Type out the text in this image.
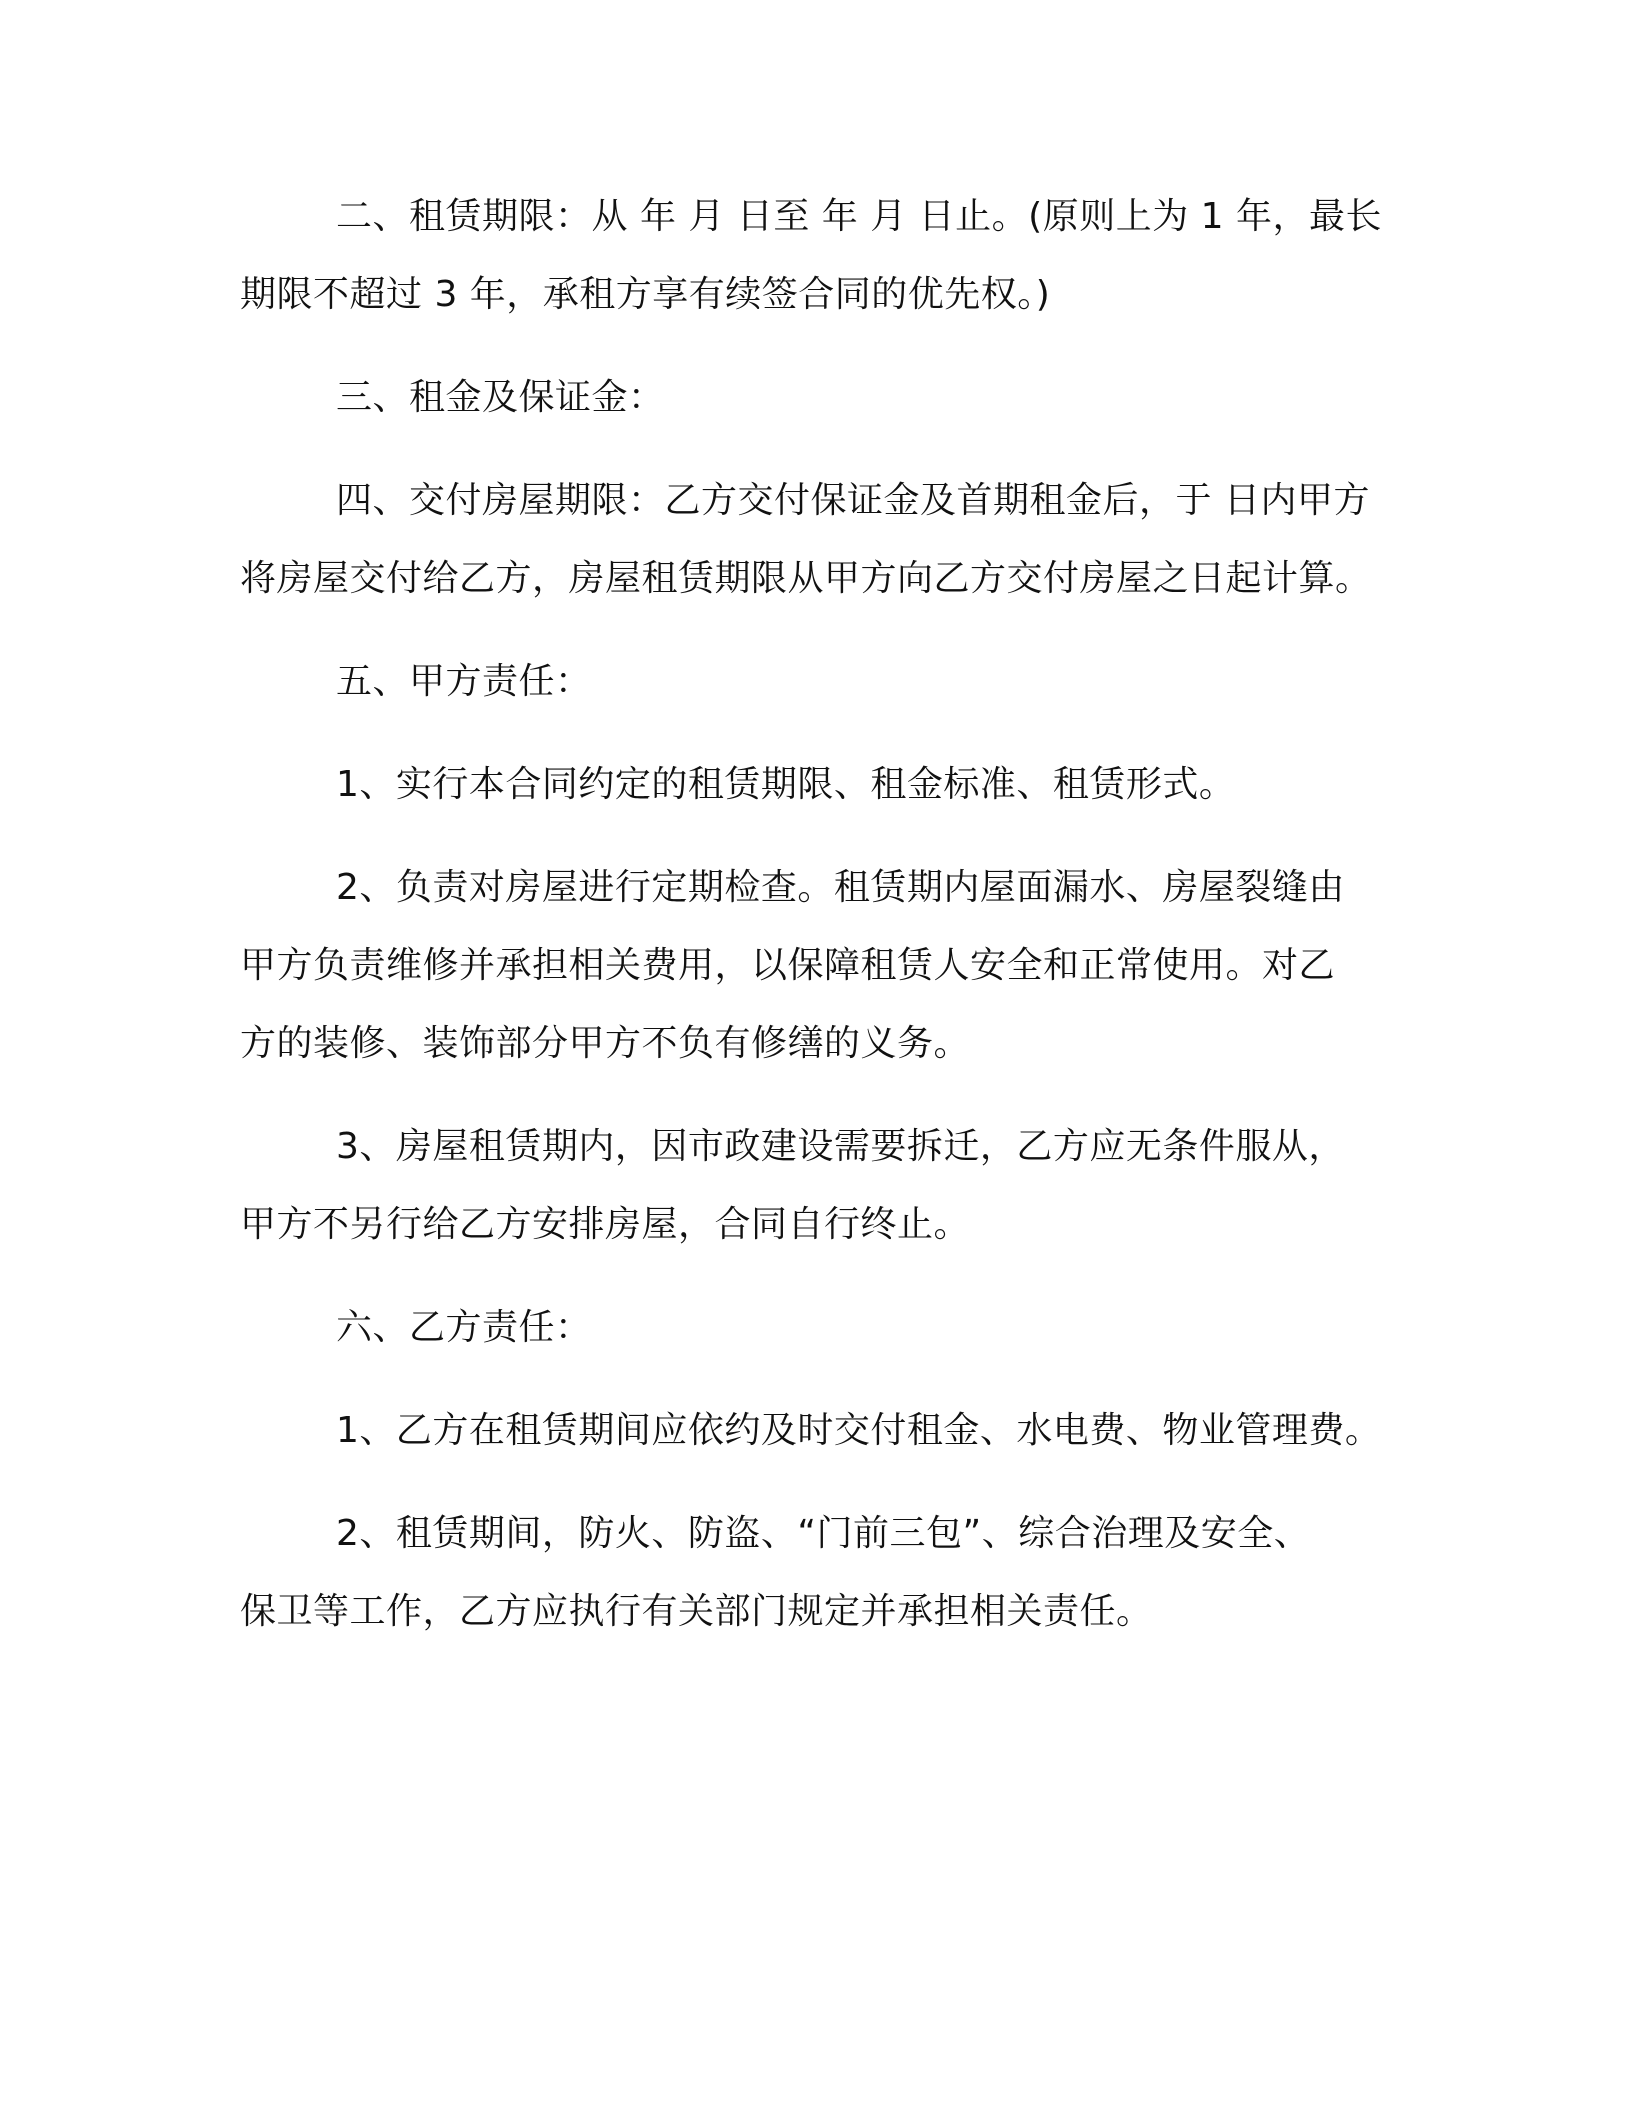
二、租赁期限：从 年 月 日至 年 月 日止。(原则上为 1 年，最长
期限不超过 3 年，承租方享有续签合同的优先权。)
三、租金及保证金：
四、交付房屋期限：乙方交付保证金及首期租金后，于 日内甲方
将房屋交付给乙方，房屋租赁期限从甲方向乙方交付房屋之日起计算。
五、甲方责任：
1、实行本合同约定的租赁期限、租金标准、租赁形式。
2、负责对房屋进行定期检查。租赁期内屋面漏水、房屋裂缝由
甲方负责维修并承担相关费用，以保障租赁人安全和正常使用。对乙
方的装修、装饰部分甲方不负有修缮的义务。
3、房屋租赁期内，因市政建设需要拆迁，乙方应无条件服从，
甲方不另行给乙方安排房屋，合同自行终止。
六、乙方责任：
1、乙方在租赁期间应依约及时交付租金、水电费、物业管理费。
2、租赁期间，防火、防盗、“门前三包”、综合治理及安全、
保卫等工作，乙方应执行有关部门规定并承担相关责任。
